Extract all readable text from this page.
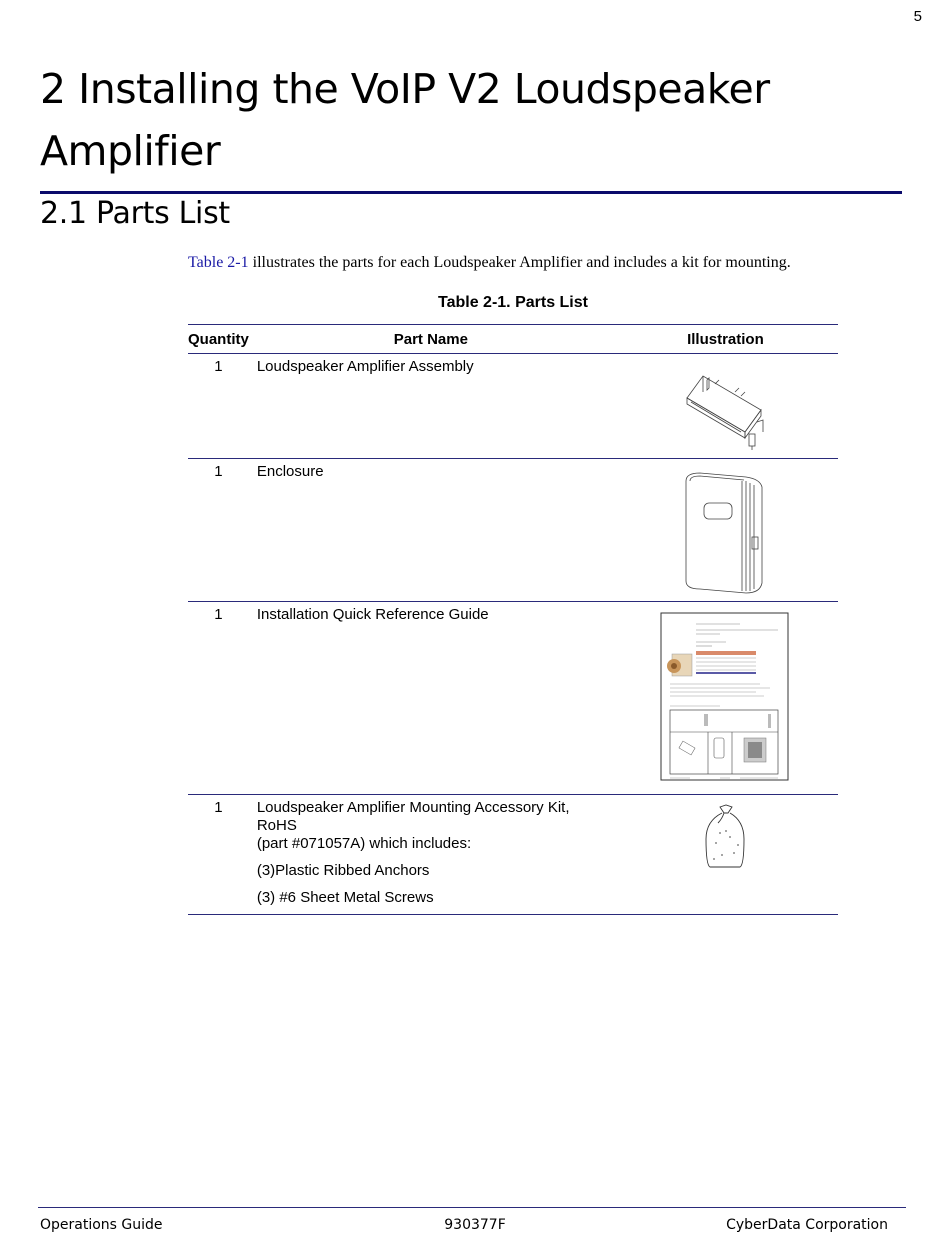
5
2 Installing the VoIP V2 Loudspeaker Amplifier
2.1 Parts List
Table 2-1 illustrates the parts for each Loudspeaker Amplifier and includes a kit for mounting.
Table 2-1. Parts List
Quantity	Part Name	Illustration
1	Loudspeaker Amplifier Assembly	

1	Enclosure	

1	Installation Quick Reference Guide	

1	Loudspeaker Amplifier Mounting Accessory Kit,
RoHS
(part #071057A) which includes:
(3)Plastic Ribbed Anchors
(3) #6 Sheet Metal Screws

Operations Guide	930377F	CyberData Corporation
